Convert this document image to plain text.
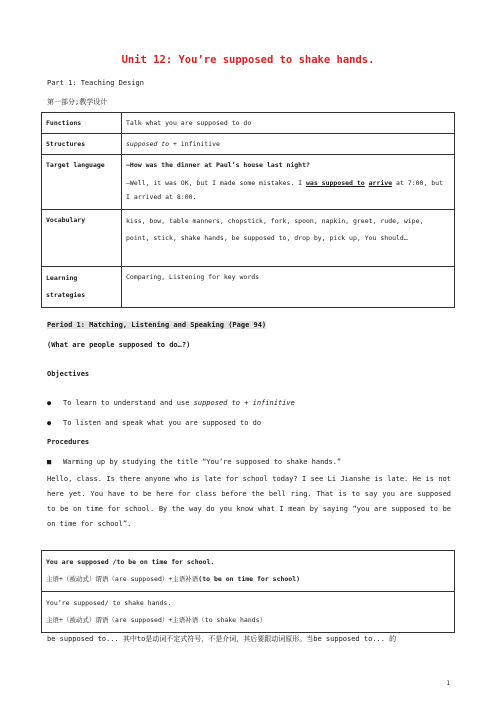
Unit 12: You’re supposed to shake hands.
Part 1: Teaching Design
第一部分;教学设计
Functions	Talk what you are supposed to do
Structures	supposed to + infinitive
Target language	—How was the dinner at Paul’s house last night?
—Well, it was OK, but I made some mistakes. I was supposed to arrive at 7:00, but I arrived at 8:00.

Vocabulary	kiss, bow, table manners, chopstick, fork, spoon, napkin, greet, rude, wipe, point, stick, shake hands, be supposed to, drop by, pick up, You should…
Learning strategies	Comparing, Listening for key words
Period 1: Matching, Listening and Speaking (Page 94)
(What are people supposed to do…?)
Objectives
● To learn to understand and use supposed to + infinitive
● To listen and speak what you are supposed to do
Procedures
■ Warming up by studying the title “You’re supposed to shake hands.”
Hello, class. Is there anyone who is late for school today? I see Li Jianshe is late. He is not here yet. You have to be here for class before the bell ring. That is to say you are supposed to be on time for school. By the way do you know what I mean by saying “you are supposed to be on time for school”.
You are supposed /to be on time for school.
主语+（被动式）谓语（are supposed）+主语补语(to be on time for school)

You’re supposed/ to shake hands.
主语+（被动式）谓语（are supposed）+主语补语（to shake hands）
be supposed to... 其中to是动词不定式符号，不是介词，其后要跟动词原形。当be supposed to... 的
1
